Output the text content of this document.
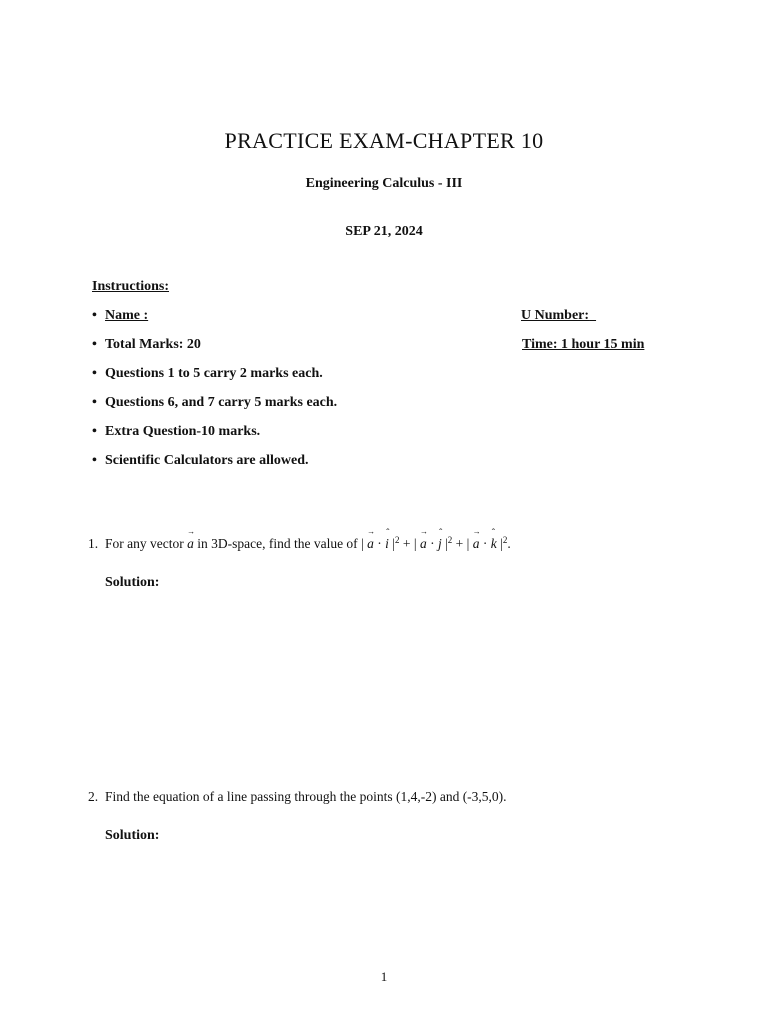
PRACTICE EXAM-CHAPTER 10
Engineering Calculus - III
SEP 21, 2024
Instructions:
• Name :	U Number:
• Total Marks: 20	Time: 1 hour 15 min
• Questions 1 to 5 carry 2 marks each.
• Questions 6, and 7 carry 5 marks each.
• Extra Question-10 marks.
• Scientific Calculators are allowed.
1. For any vector → a in 3D-space, find the value of | → a · ˆ i $|^2$ + | → a · ˆ j $|^2$ + | → a · ˆ k $|^2$.
Solution:
2. Find the equation of a line passing through the points (1,4,-2) and (-3,5,0).
Solution:
1
